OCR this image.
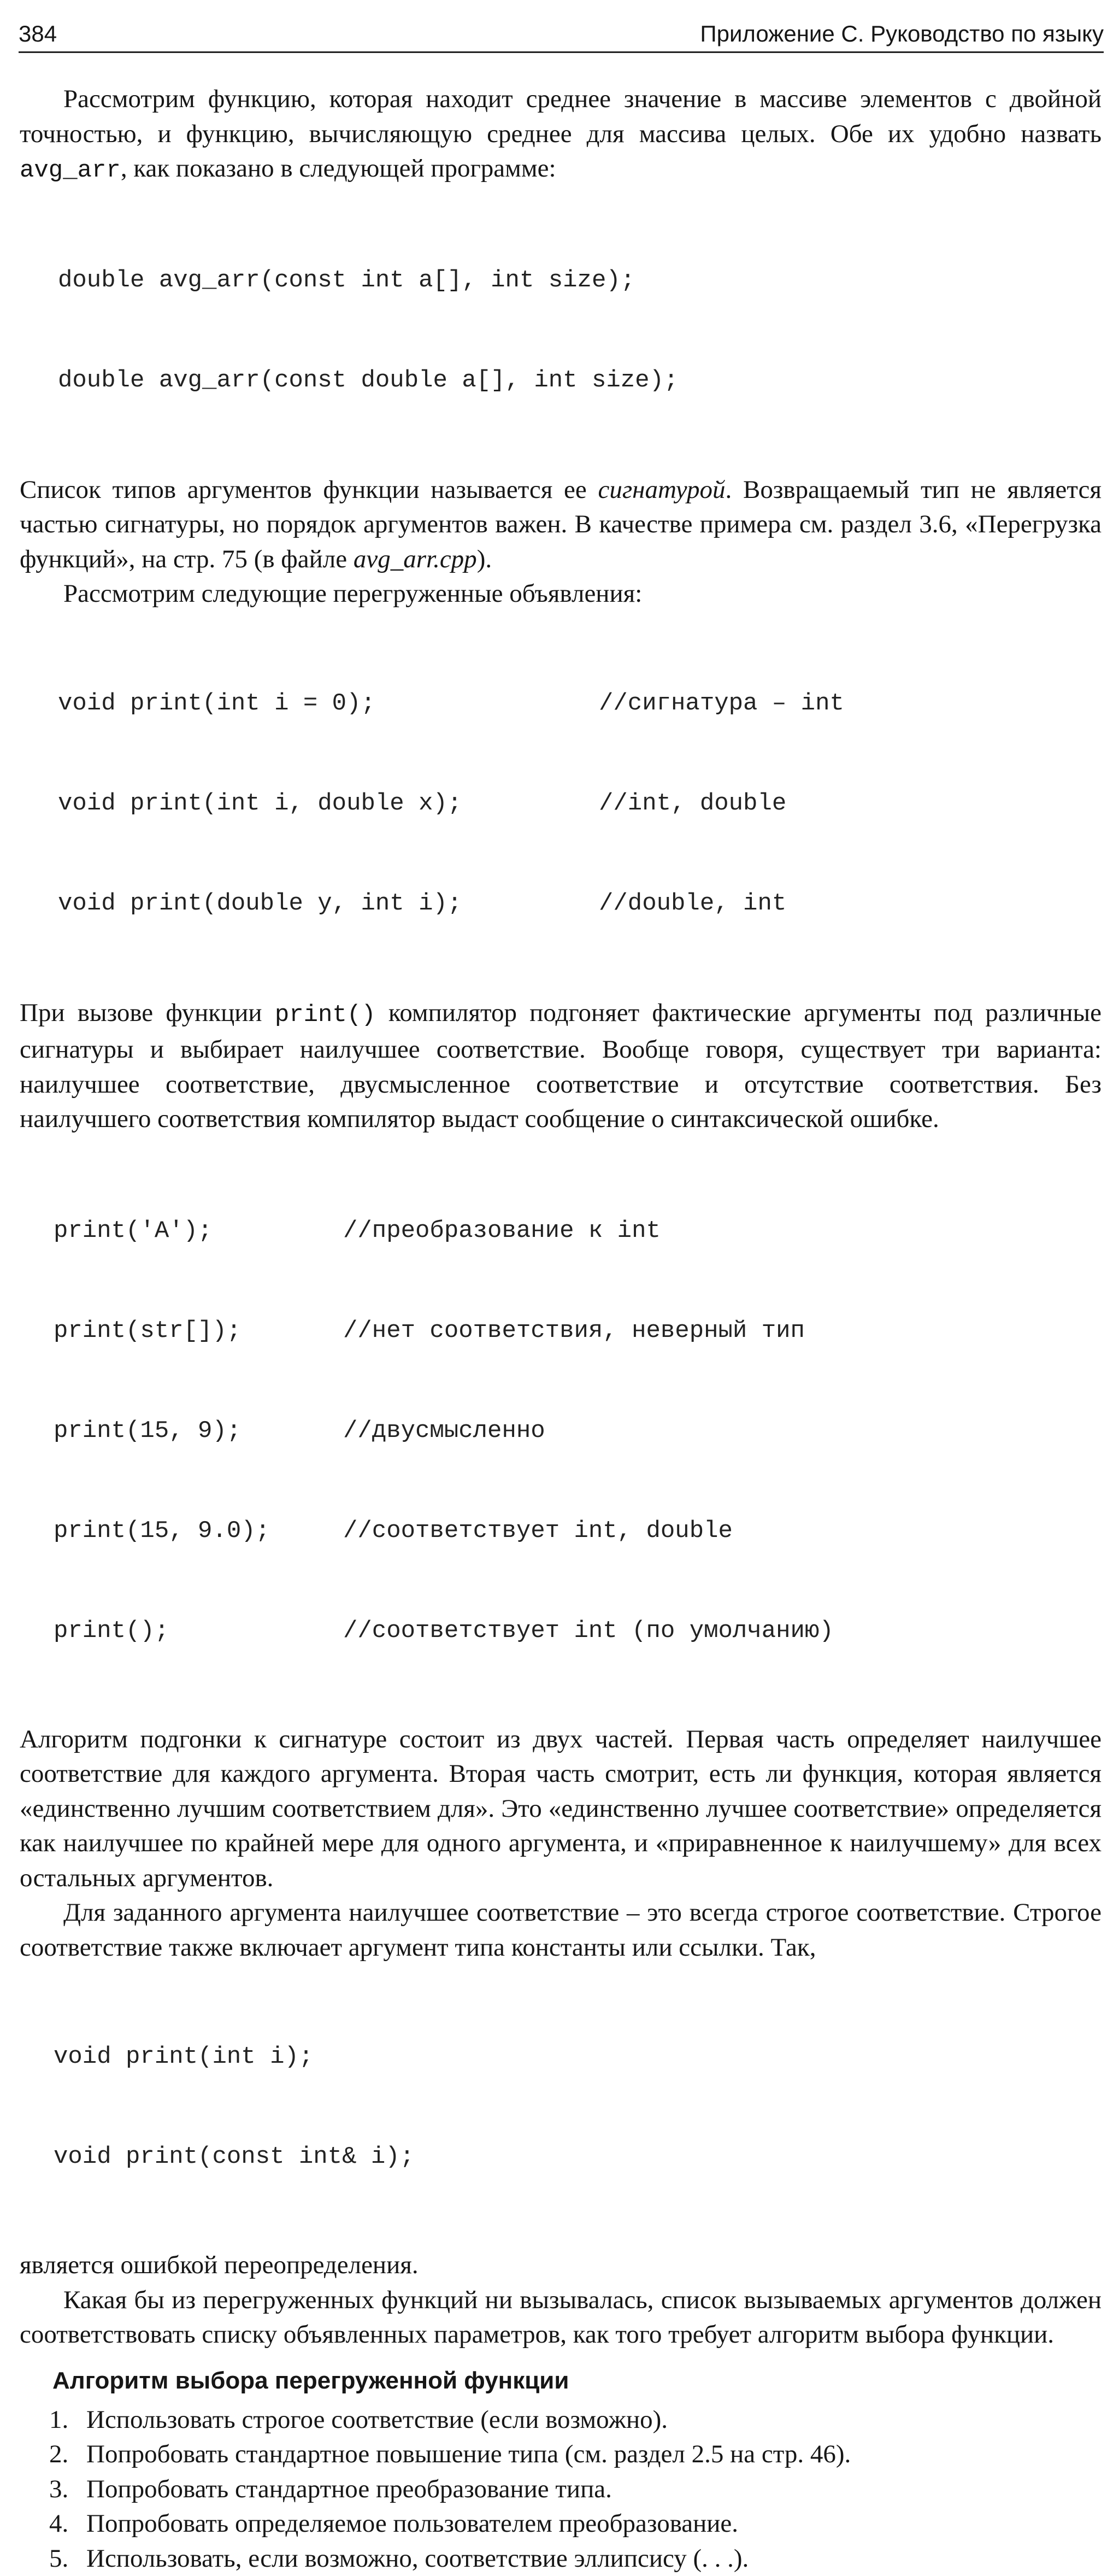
384	Приложение С. Руководство по языку

Рассмотрим функцию, которая находит среднее значение в массиве элементов с двойной точностью, и функцию, вычисляющую среднее для массива целых. Обе их удобно назвать avg_arr, как показано в следующей программе:

double avg_arr(const int a[], int size);

double avg_arr(const double a[], int size);

Список типов аргументов функции называется ее сигнатурой. Возвращаемый тип не является частью сигнатуры, но порядок аргументов важен. В качестве примера см. раздел 3.6, «Перегрузка функций», на стр. 75 (в файле avg_arr.cpp).

Рассмотрим следующие перегруженные объявления:

void print(int i = 0);	//сигнатура – int

void print(int i, double x);	//int, double

void print(double y, int i);	//double, int

При вызове функции print() компилятор подгоняет фактические аргументы под различные сигнатуры и выбирает наилучшее соответствие. Вообще говоря, существует три варианта: наилучшее соответствие, двусмысленное соответствие и отсутствие соответствия. Без наилучшего соответствия компилятор выдаст сообщение о синтаксической ошибке.

print('A');	//преобразование к int

print(str[]);	//нет соответствия, неверный тип

print(15, 9);	//двусмысленно

print(15, 9.0);	//соответствует int, double

print();	//соответствует int (по умолчанию)

Алгоритм подгонки к сигнатуре состоит из двух частей. Первая часть определяет наилучшее соответствие для каждого аргумента. Вторая часть смотрит, есть ли функция, которая является «единственно лучшим соответствием для». Это «единственно лучшее соответствие» определяется как наилучшее по крайней мере для одного аргумента, и «приравненное к наилучшему» для всех остальных аргументов.

Для заданного аргумента наилучшее соответствие – это всегда строгое соответствие. Строгое соответствие также включает аргумент типа константы или ссылки. Так,

void print(int i);

void print(const int& i);

является ошибкой переопределения.

Какая бы из перегруженных функций ни вызывалась, список вызываемых аргументов должен соответствовать списку объявленных параметров, как того требует алгоритм выбора функции.

Алгоритм выбора перегруженной функции
1. Использовать строгое соответствие (если возможно).
2. Попробовать стандартное повышение типа (см. раздел 2.5 на стр. 46).
3. Попробовать стандартное преобразование типа.
4. Попробовать определяемое пользователем преобразование.
5. Использовать, если возможно, соответствие эллипсису (. . .).
